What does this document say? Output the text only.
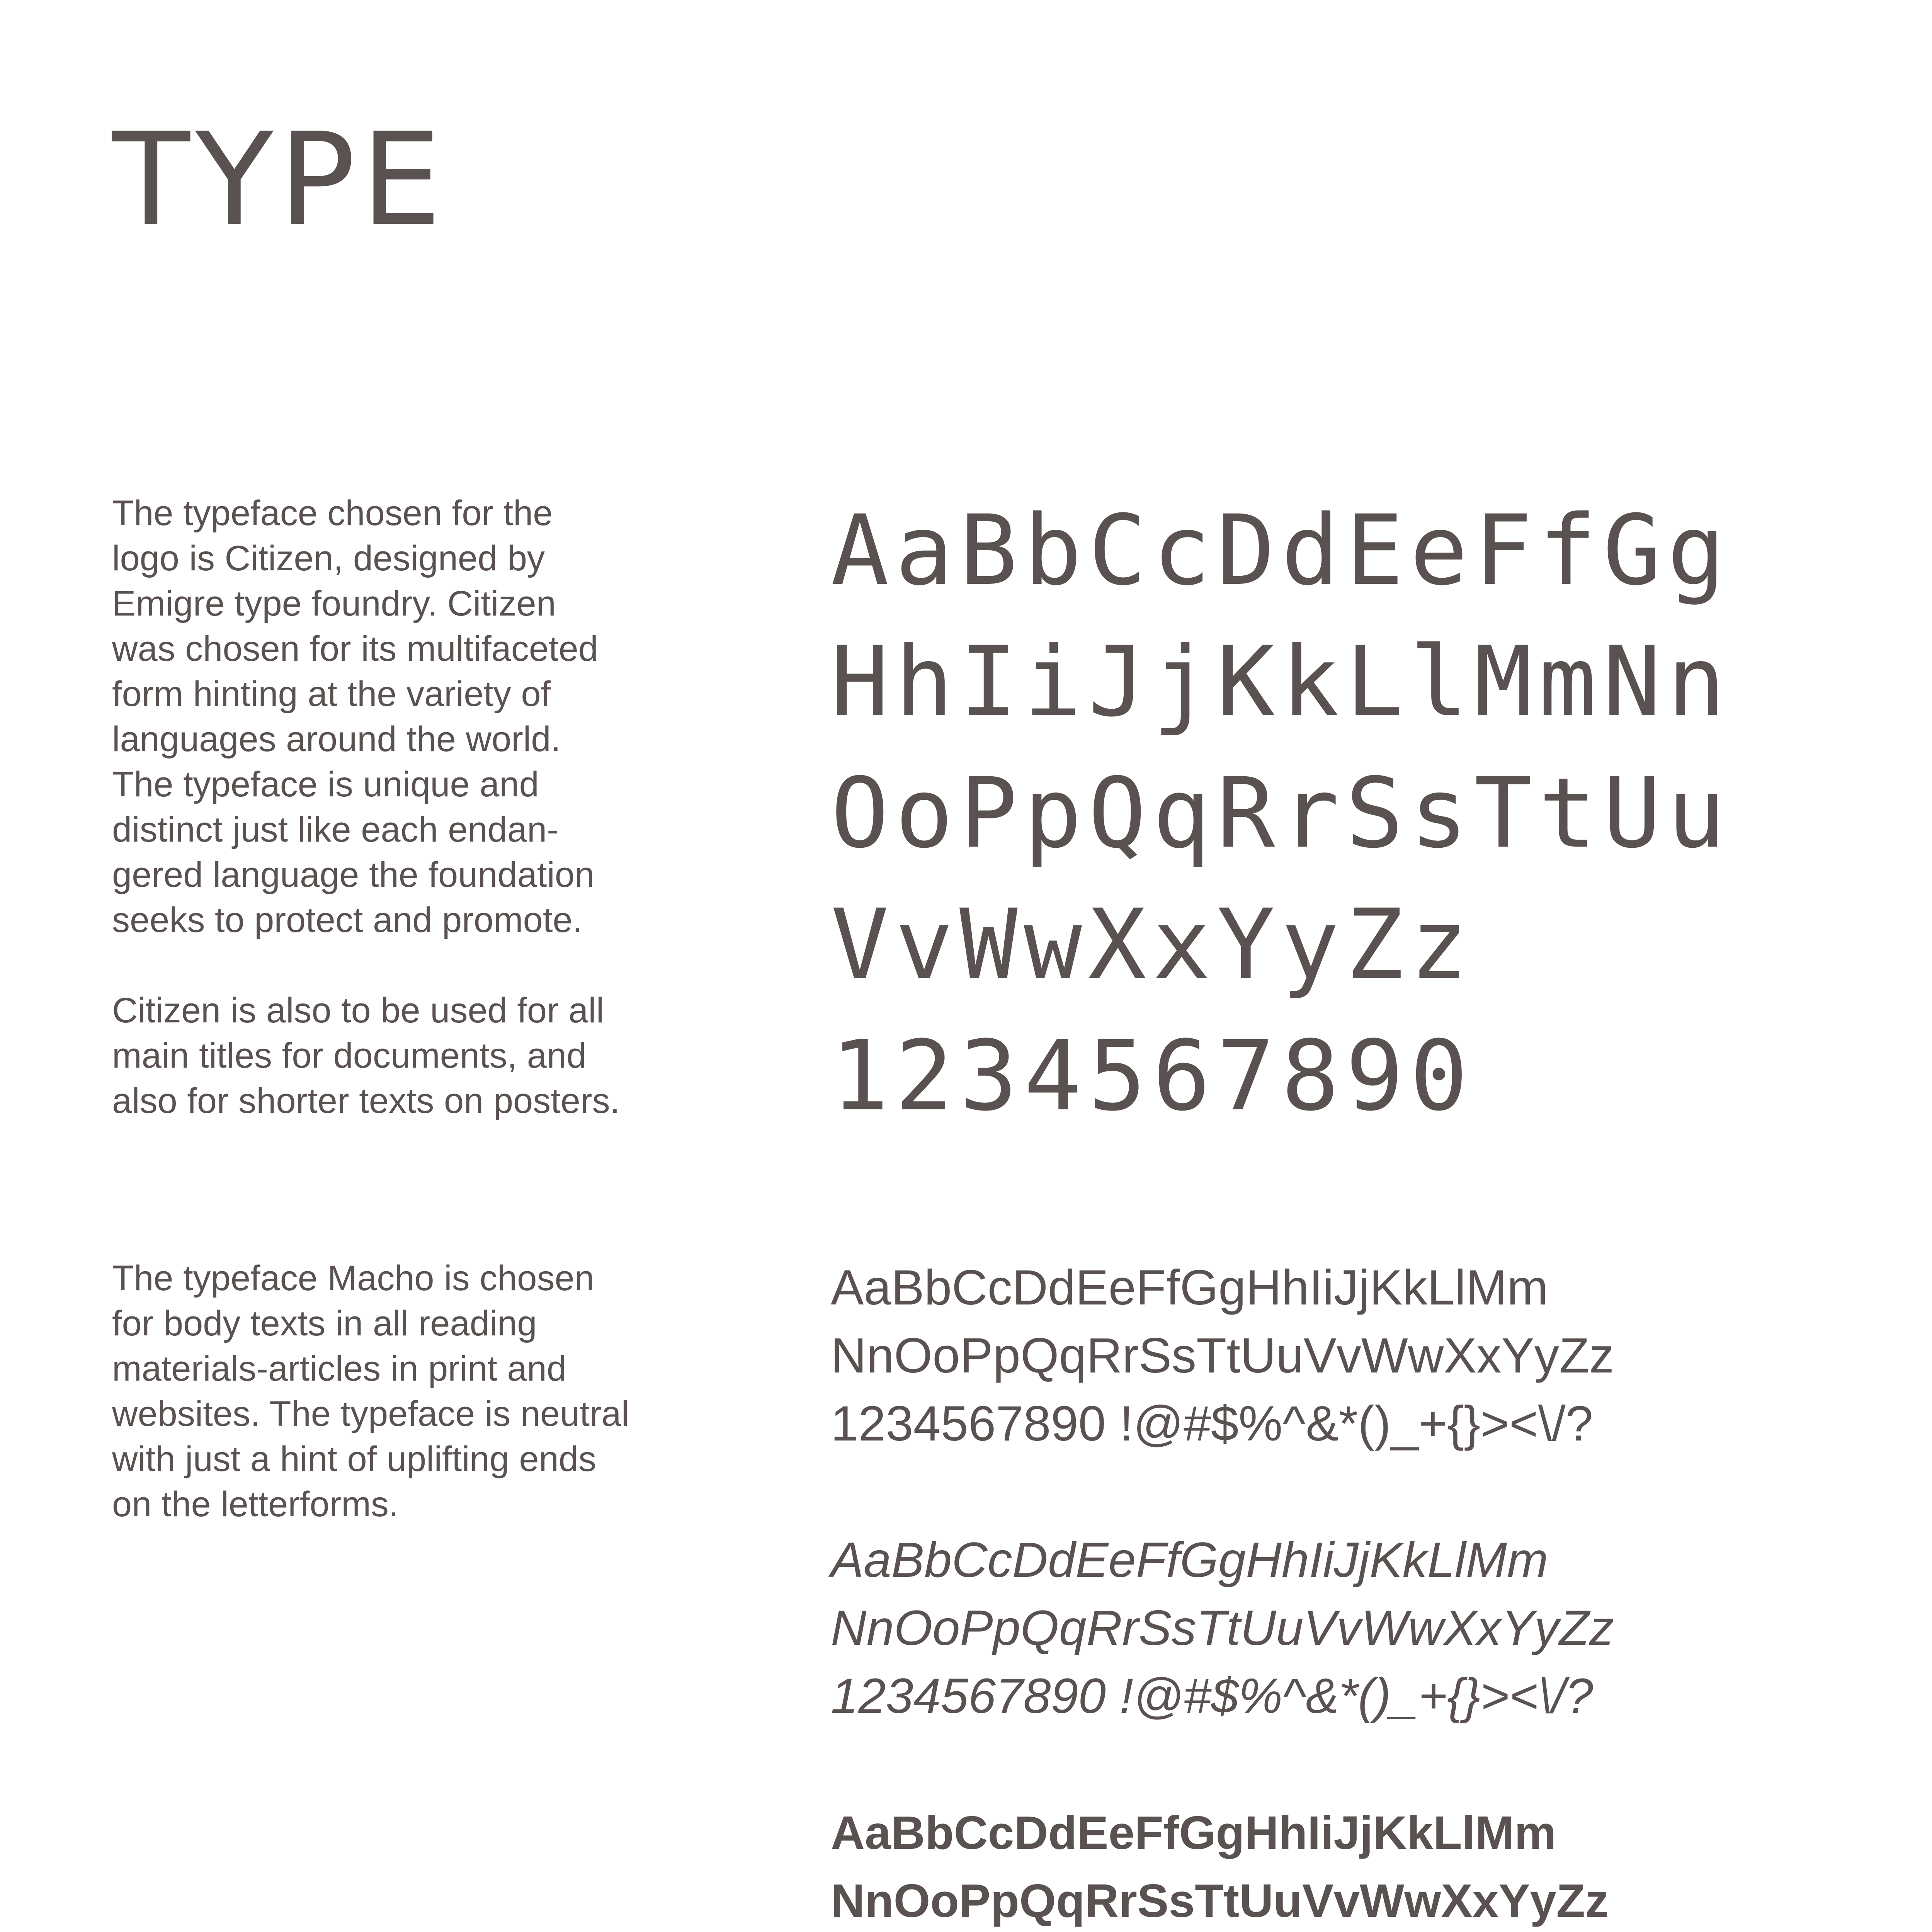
TYPE

The typeface chosen for the
logo is Citizen, designed by
Emigre type foundry. Citizen
was chosen for its multifaceted
form hinting at the variety of
languages around the world.
The typeface is unique and
distinct just like each endan-
gered language the foundation
seeks to protect and promote.

Citizen is also to be used for all
main titles for documents, and
also for shorter texts on posters.

The typeface Macho is chosen
for body texts in all reading
materials-articles in print and
websites. The typeface is neutral
with just a hint of uplifting ends
on the letterforms.

AaBbCcDdEeFfGg
HhIiJjKkLlMmNn
OoPpQqRrSsTtUu
VvWwXxYyZz
1234567890
AaBbCcDdEeFfGgHhIiJjKkLlMm
NnOoPpQqRrSsTtUuVvWwXxYyZz
1234567890 !@#$%^&*()_+{}><\/?
AaBbCcDdEeFfGgHhIiJjKkLlMm
NnOoPpQqRrSsTtUuVvWwXxYyZz
1234567890 !@#$%^&*()_+{}><\/?
AaBbCcDdEeFfGgHhIiJjKkLlMm
NnOoPpQqRrSsTtUuVvWwXxYyZz
